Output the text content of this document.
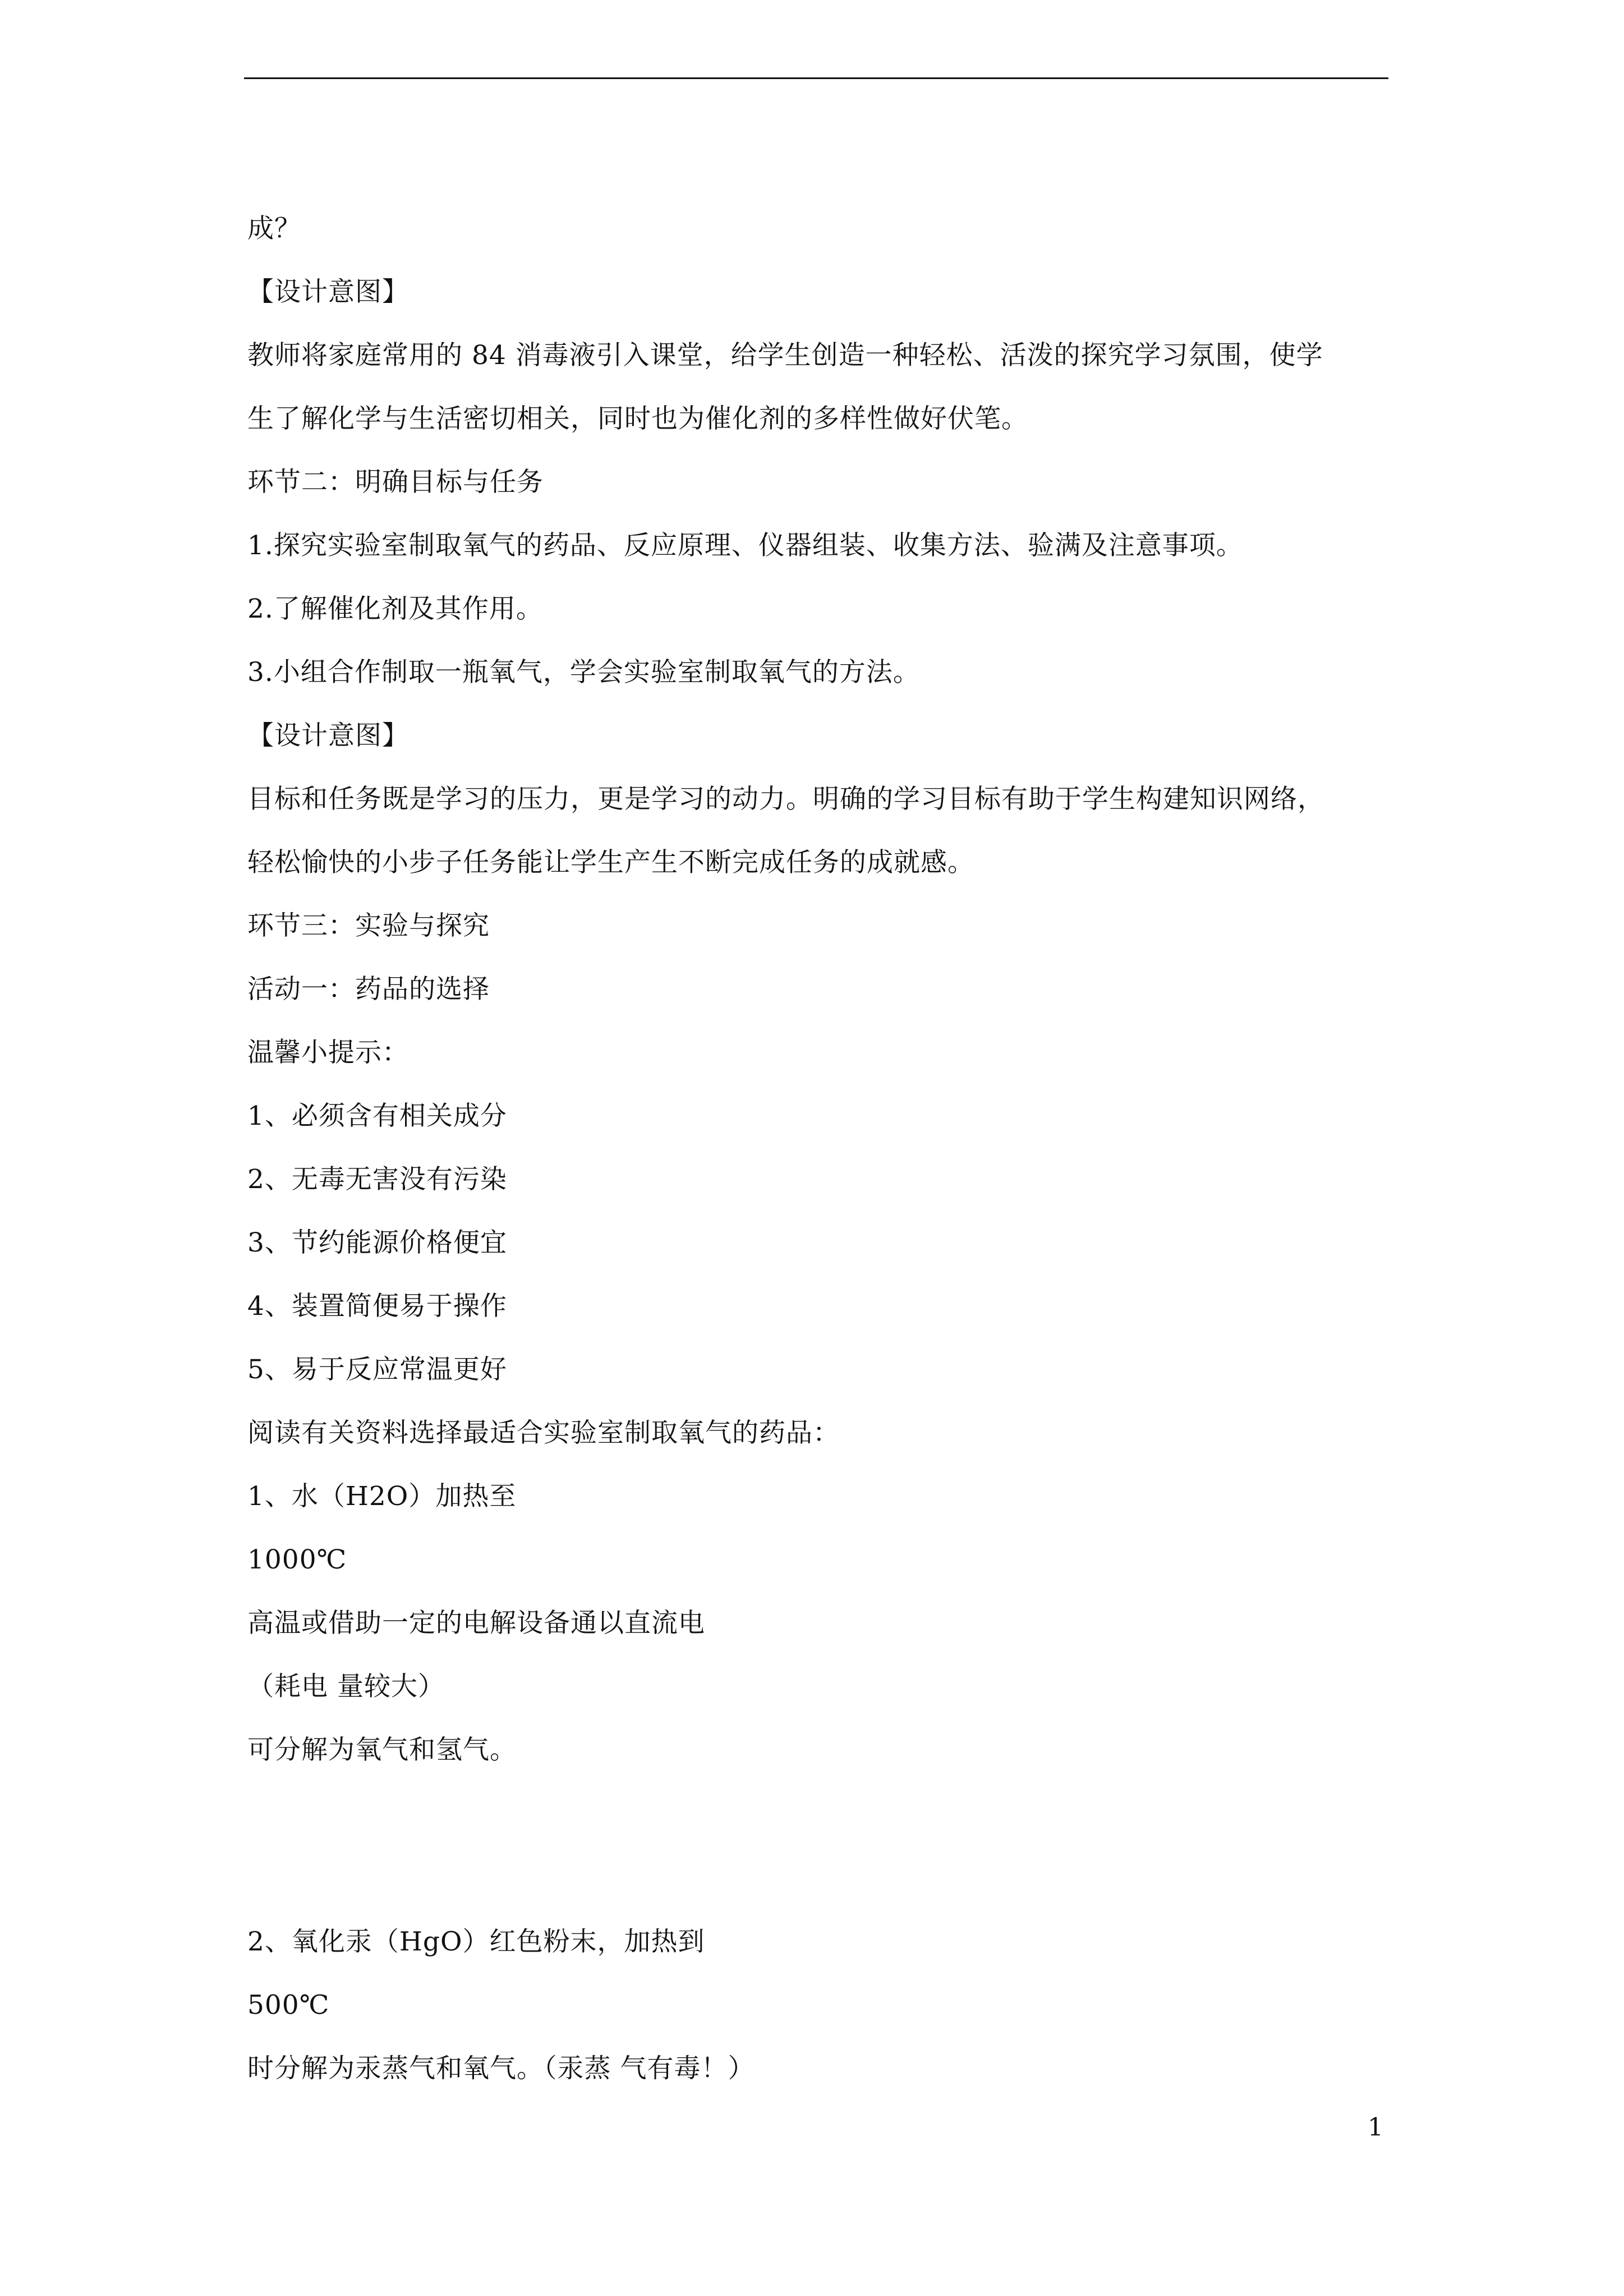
成？
【设计意图】
教师将家庭常用的 84 消毒液引入课堂，给学生创造一种轻松、活泼的探究学习氛围，使学
生了解化学与生活密切相关，同时也为催化剂的多样性做好伏笔。
环节二：明确目标与任务
1.探究实验室制取氧气的药品、反应原理、仪器组装、收集方法、验满及注意事项。
2.了解催化剂及其作用。
3.小组合作制取一瓶氧气，学会实验室制取氧气的方法。
【设计意图】
目标和任务既是学习的压力，更是学习的动力。明确的学习目标有助于学生构建知识网络，
轻松愉快的小步子任务能让学生产生不断完成任务的成就感。
环节三：实验与探究
活动一：药品的选择
温馨小提示：
1、必须含有相关成分
2、无毒无害没有污染
3、节约能源价格便宜
4、装置简便易于操作
5、易于反应常温更好
阅读有关资料选择最适合实验室制取氧气的药品：
1、水（H2O）加热至
1000℃
高温或借助一定的电解设备通以直流电
（耗电 量较大）
可分解为氧气和氢气。
2、氧化汞（HgO）红色粉末，加热到
500℃
时分解为汞蒸气和氧气。（汞蒸 气有毒！）
1
